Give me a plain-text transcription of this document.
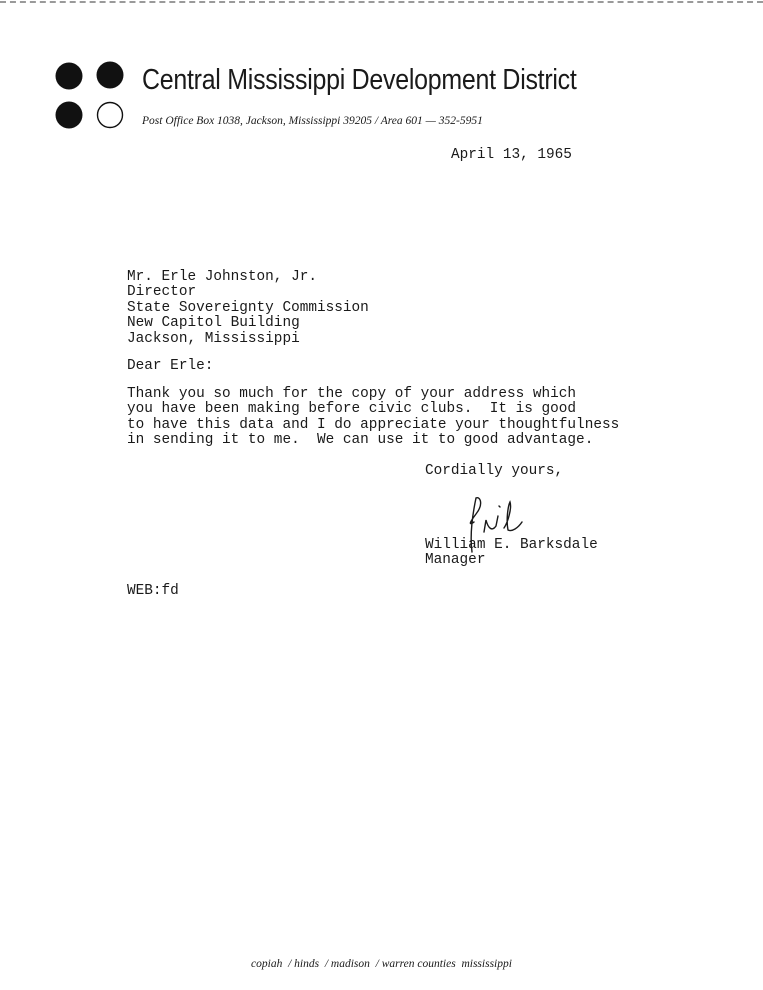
Central Mississippi Development District
Post Office Box 1038, Jackson, Mississippi 39205 / Area 601 — 352-5951
April 13, 1965
Mr. Erle Johnston, Jr.
Director
State Sovereignty Commission
New Capitol Building
Jackson, Mississippi
Dear Erle:
Thank you so much for the copy of your address which
you have been making before civic clubs.  It is good
to have this data and I do appreciate your thoughtfulness
in sending it to me.  We can use it to good advantage.
Cordially yours,
William E. Barksdale
Manager
WEB:fd
copiah  / hinds  / madison  / warren counties  mississippi
